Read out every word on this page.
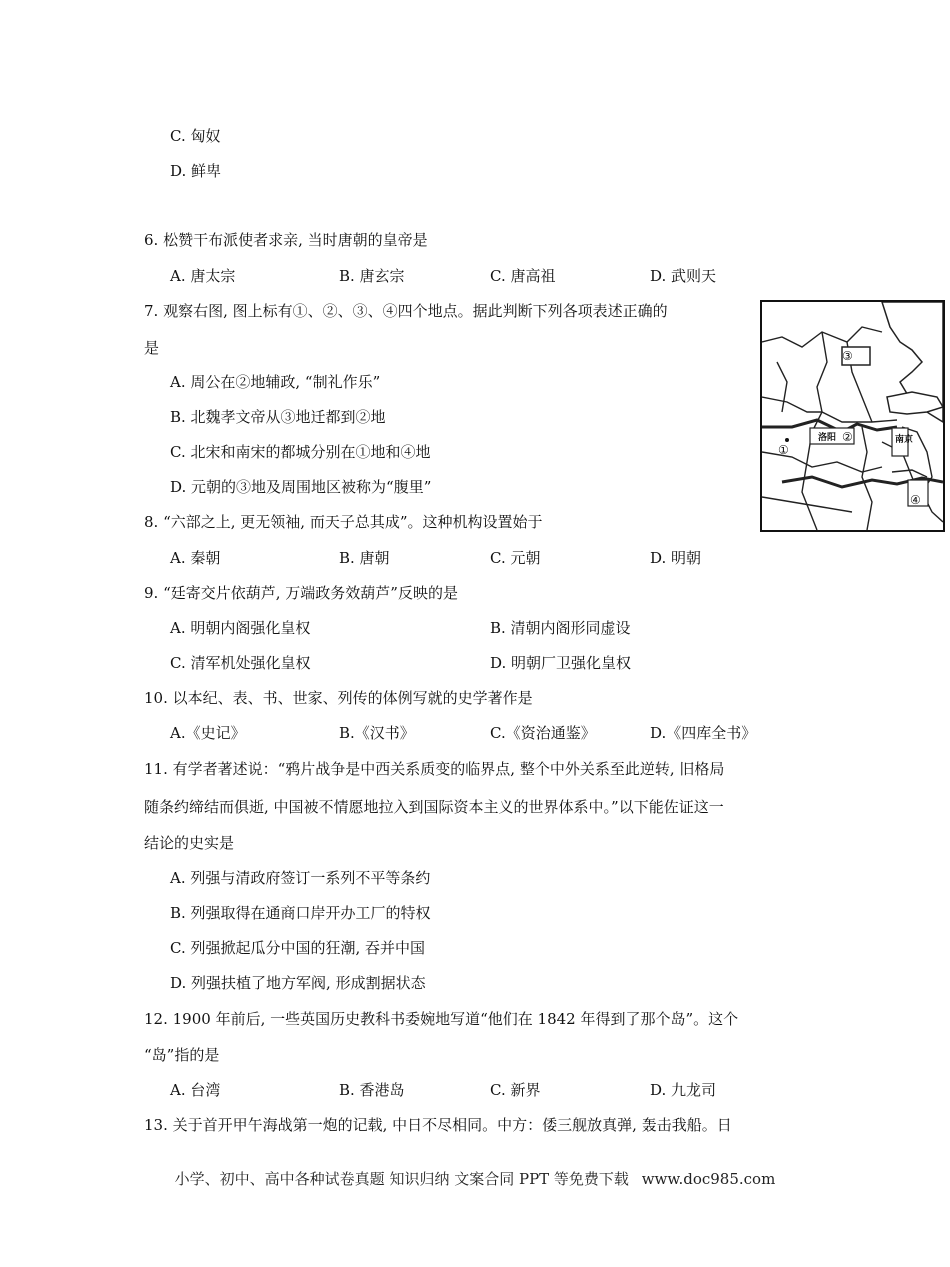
C. 匈奴
D. 鲜卑
6. 松赞干布派使者求亲, 当时唐朝的皇帝是
A. 唐太宗	B. 唐玄宗	C. 唐高祖	D. 武则天
7. 观察右图, 图上标有①、②、③、④四个地点。据此判断下列各项表述正确的
是
A. 周公在②地辅政, “制礼作乐”
B. 北魏孝文帝从③地迁都到②地
C. 北宋和南宋的都城分别在①地和④地
D. 元朝的③地及周围地区被称为“腹里”
③
洛阳 ②	南京
①
④
8. “六部之上, 更无领袖, 而天子总其成”。这种机构设置始于
A. 秦朝	B. 唐朝	C. 元朝	D. 明朝
9. “廷寄交片依葫芦, 万端政务效葫芦”反映的是
A. 明朝内阁强化皇权	B. 清朝内阁形同虚设
C. 清军机处强化皇权	D. 明朝厂卫强化皇权
10. 以本纪、表、书、世家、列传的体例写就的史学著作是
A.《史记》	B.《汉书》	C.《资治通鉴》	D.《四库全书》
11. 有学者著述说：“鸦片战争是中西关系质变的临界点, 整个中外关系至此逆转, 旧格局
随条约缔结而俱逝, 中国被不情愿地拉入到国际资本主义的世界体系中。”以下能佐证这一
结论的史实是
A. 列强与清政府签订一系列不平等条约
B. 列强取得在通商口岸开办工厂的特权
C. 列强掀起瓜分中国的狂潮, 吞并中国
D. 列强扶植了地方军阀, 形成割据状态
12. 1900 年前后, 一些英国历史教科书委婉地写道“他们在 1842 年得到了那个岛”。这个
“岛”指的是
A. 台湾	B. 香港岛	C. 新界	D. 九龙司
13. 关于首开甲午海战第一炮的记载, 中日不尽相同。中方：倭三舰放真弹, 轰击我船。日
小学、初中、高中各种试卷真题 知识归纳 文案合同 PPT 等免费下载 www.doc985.com
